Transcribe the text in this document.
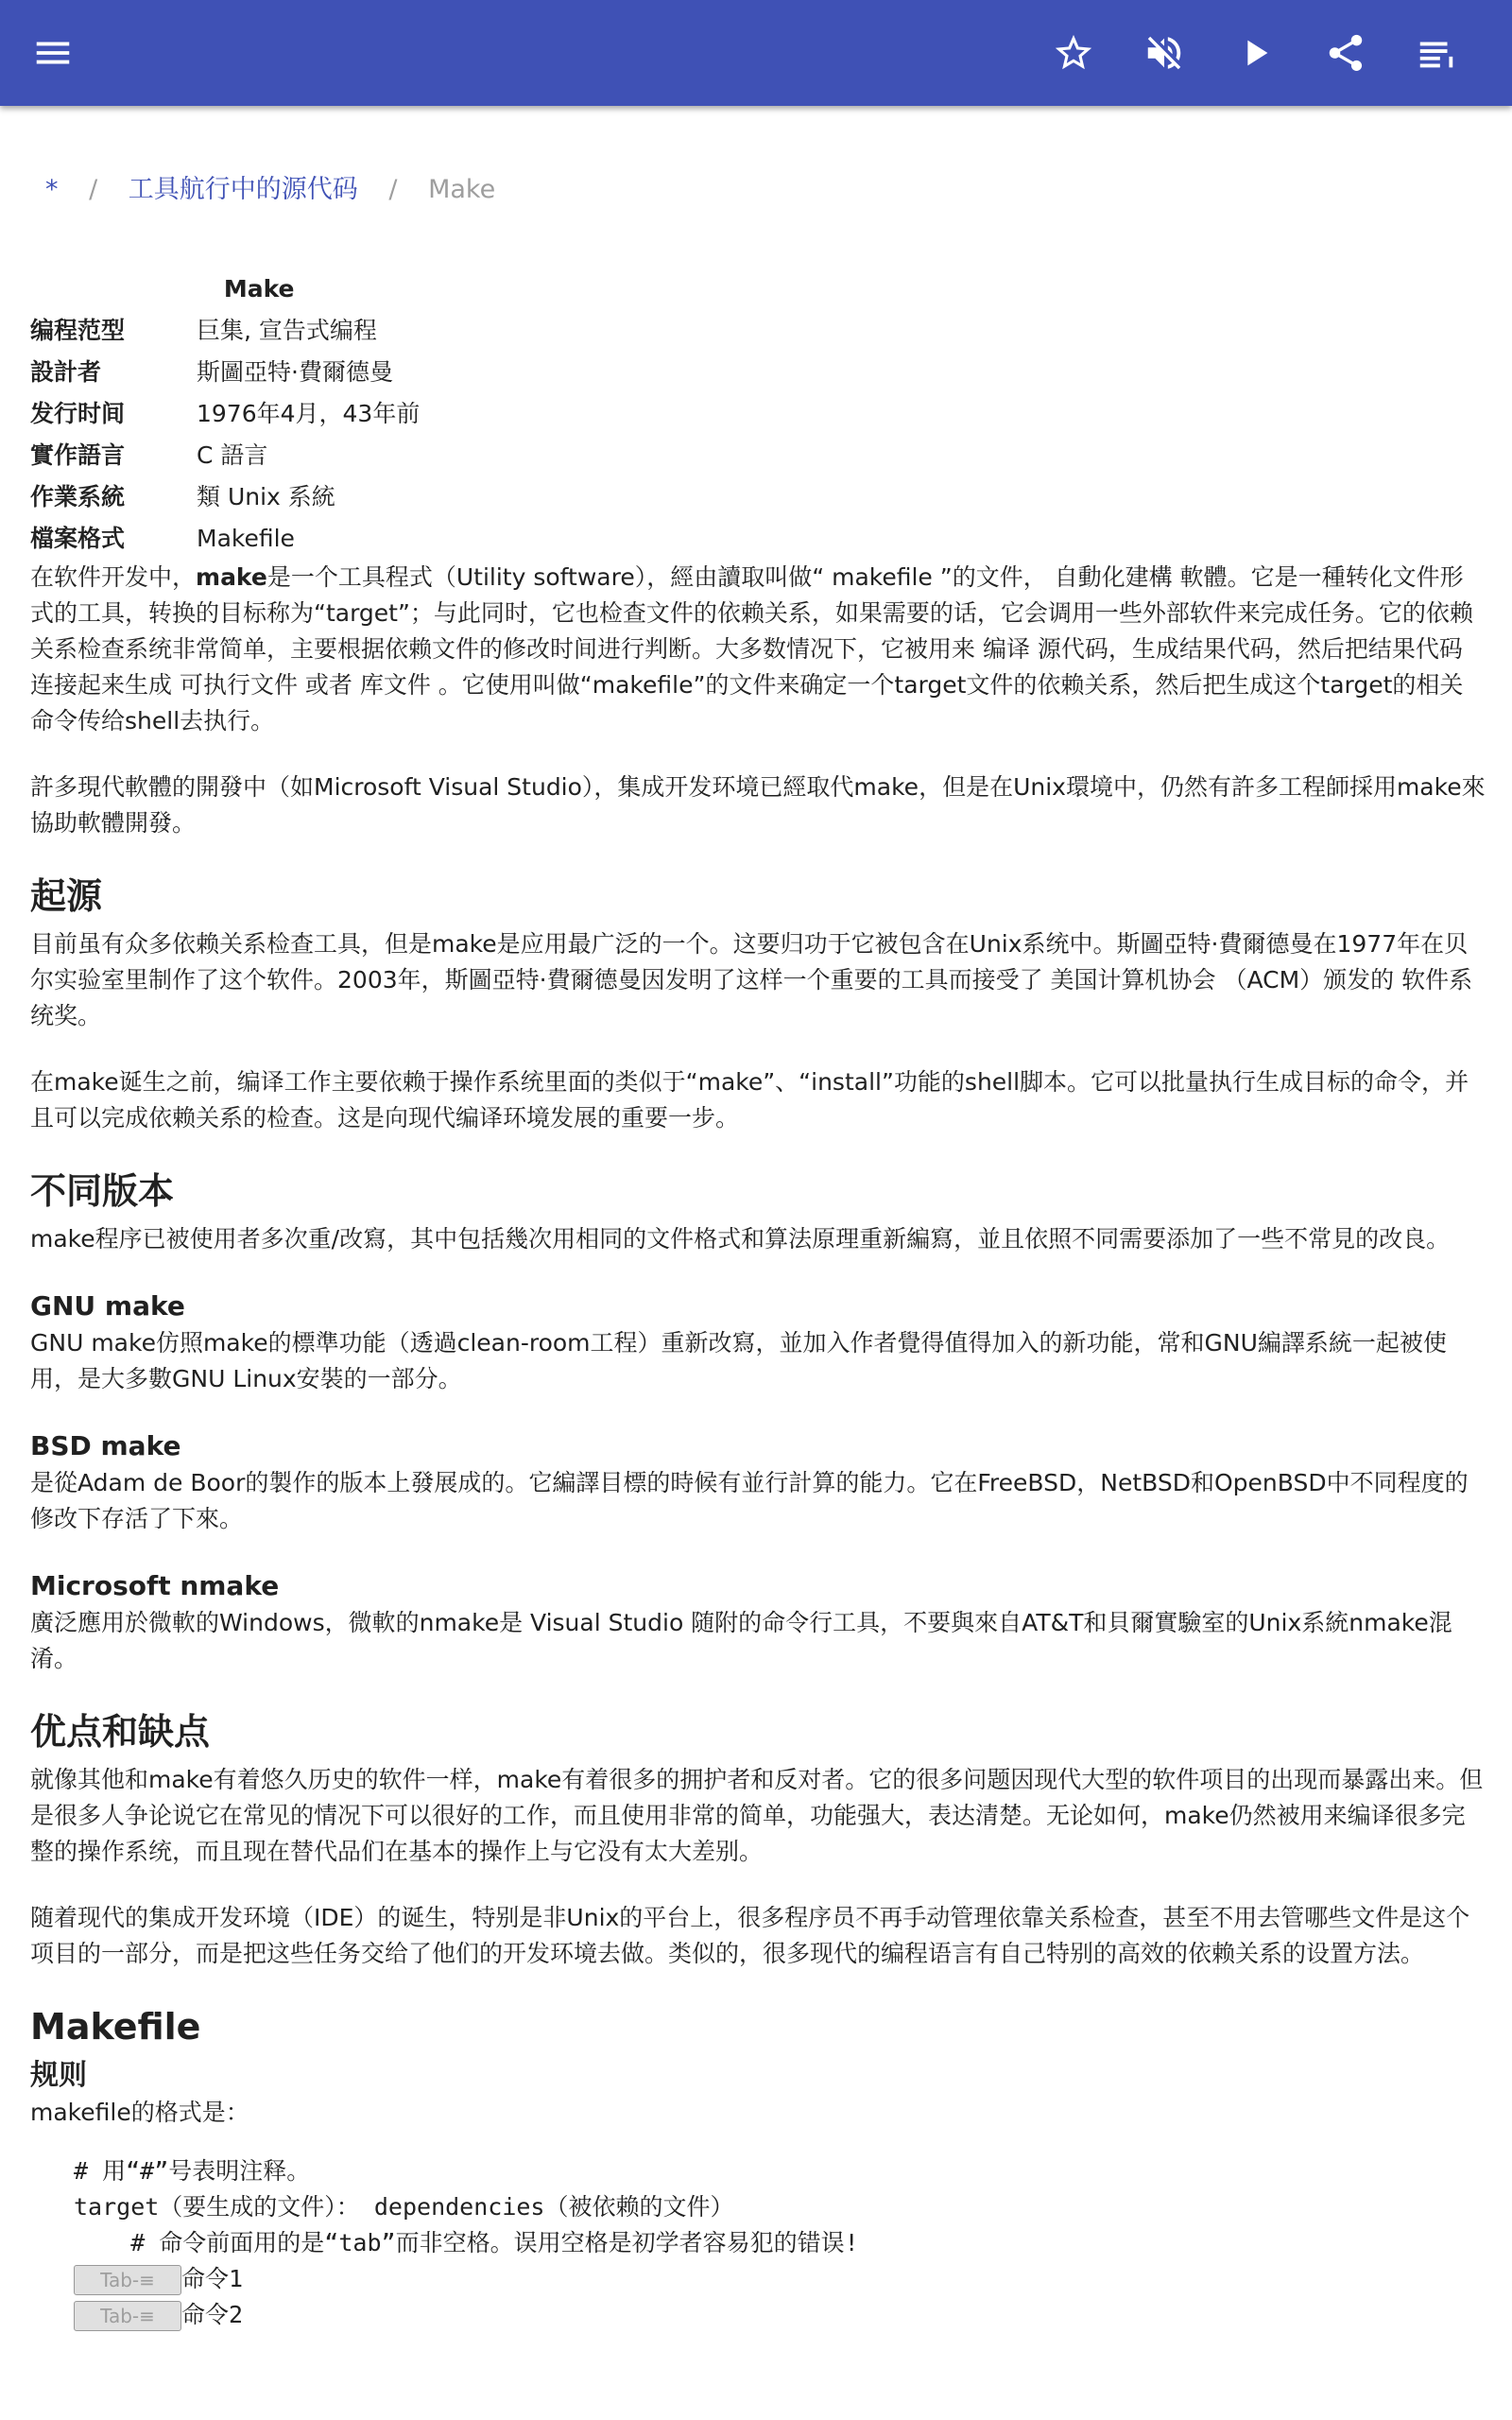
* / 工具航行中的源代码 / Make
Make	
编程范型	巨集, 宣告式编程
設計者	斯圖亞特·費爾德曼
发行时间	1976年4月，43年前
實作語言	C 語言
作業系統	類 Unix 系統
檔案格式	Makefile

在软件开发中，make是一个工具程式（Utility software），經由讀取叫做“ makefile ”的文件， 自動化建構 軟體。它是一種转化文件形式的工具，转换的目标称为“target”；与此同时，它也检查文件的依赖关系，如果需要的话，它会调用一些外部软件来完成任务。它的依赖关系检查系统非常简单，主要根据依赖文件的修改时间进行判断。大多数情况下，它被用来 编译 源代码，生成结果代码，然后把结果代码连接起来生成 可执行文件 或者 库文件 。它使用叫做“makefile”的文件来确定一个target文件的依赖关系，然后把生成这个target的相关命令传给shell去执行。

許多現代軟體的開發中（如Microsoft Visual Studio），集成开发环境已經取代make，但是在Unix環境中，仍然有許多工程師採用make來協助軟體開發。

起源

目前虽有众多依赖关系检查工具，但是make是应用最广泛的一个。这要归功于它被包含在Unix系统中。斯圖亞特·費爾德曼在1977年在贝尔实验室里制作了这个软件。2003年，斯圖亞特·費爾德曼因发明了这样一个重要的工具而接受了 美国计算机协会 （ACM）颁发的 软件系统奖。

在make诞生之前，编译工作主要依赖于操作系统里面的类似于“make”、“install”功能的shell脚本。它可以批量执行生成目标的命令，并且可以完成依赖关系的检查。这是向现代编译环境发展的重要一步。

不同版本

make程序已被使用者多次重/改寫，其中包括幾次用相同的文件格式和算法原理重新編寫，並且依照不同需要添加了一些不常見的改良。

GNU make

GNU make仿照make的標準功能（透過clean-room工程）重新改寫，並加入作者覺得值得加入的新功能，常和GNU編譯系統一起被使用，是大多數GNU Linux安裝的一部分。

BSD make

是從Adam de Boor的製作的版本上發展成的。它編譯目標的時候有並行計算的能力。它在FreeBSD，NetBSD和OpenBSD中不同程度的修改下存活了下來。

Microsoft nmake

廣泛應用於微軟的Windows，微軟的nmake是 Visual Studio 随附的命令行工具，不要與來自AT&T和貝爾實驗室的Unix系統nmake混淆。

优点和缺点

就像其他和make有着悠久历史的软件一样，make有着很多的拥护者和反对者。它的很多问题因现代大型的软件项目的出现而暴露出来。但是很多人争论说它在常见的情况下可以很好的工作，而且使用非常的简单，功能强大，表达清楚。无论如何，make仍然被用来编译很多完整的操作系统，而且现在替代品们在基本的操作上与它没有太大差别。

随着现代的集成开发环境（IDE）的诞生，特别是非Unix的平台上，很多程序员不再手动管理依靠关系检查，甚至不用去管哪些文件是这个项目的一部分，而是把这些任务交给了他们的开发环境去做。类似的，很多现代的编程语言有自己特别的高效的依赖关系的设置方法。

Makefile
规则
makefile的格式是：
# 用“#”号表明注释。
target（要生成的文件）： dependencies（被依赖的文件）
# 命令前面用的是“tab”而非空格。误用空格是初学者容易犯的错误!
Tab-≡ 命令1
Tab-≡ 命令2
